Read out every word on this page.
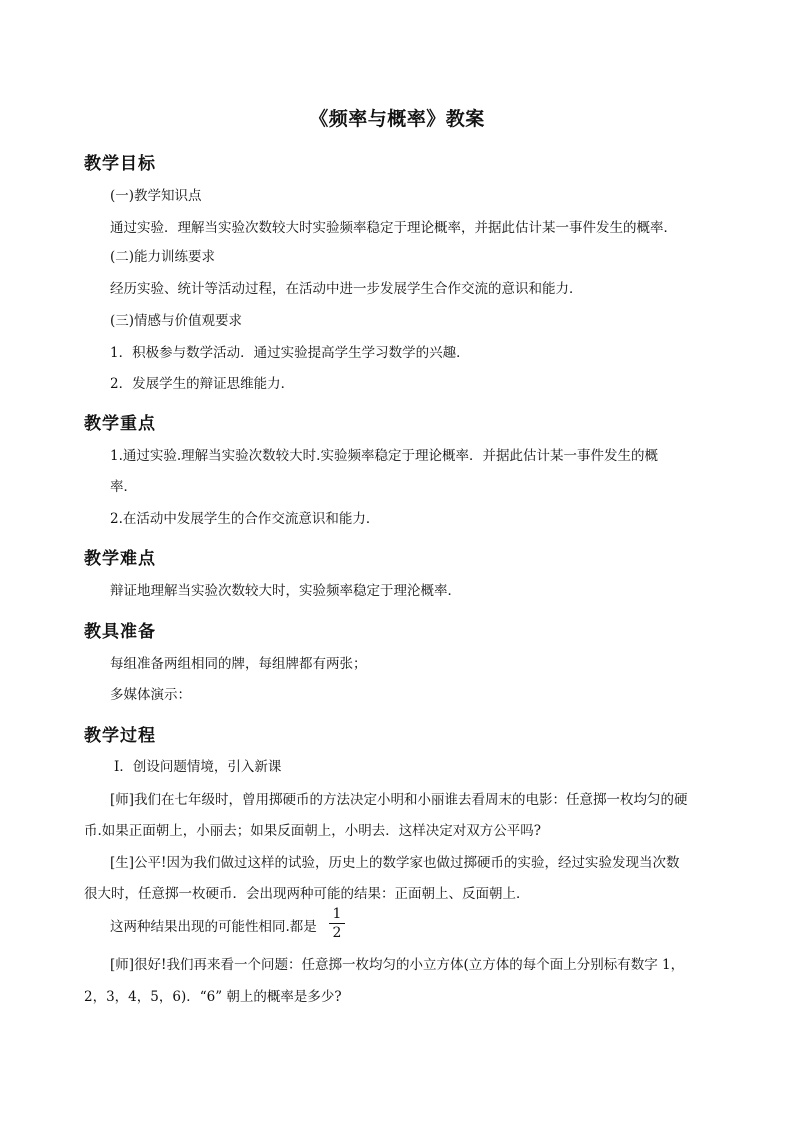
《频率与概率》教案
教学目标
(一)教学知识点
通过实验．理解当实验次数较大时实验频率稳定于理论概率，并据此估计某一事件发生的概率．
(二)能力训练要求
经历实验、统计等活动过程，在活动中进一步发展学生合作交流的意识和能力．
(三)情感与价值观要求
1．积极参与数学活动．通过实验提高学生学习数学的兴趣．
2．发展学生的辩证思维能力．
教学重点
1.通过实验.理解当实验次数较大时.实验频率稳定于理论概率．并据此估计某一事件发生的概
率．
2.在活动中发展学生的合作交流意识和能力．
教学难点
辩证地理解当实验次数较大时，实验频率稳定于理沦概率．
教具准备
每组准备两组相同的牌，每组牌都有两张；
多媒体演示：
教学过程
Ⅰ．创设问题情境，引入新课
[师]我们在七年级时，曾用掷硬币的方法决定小明和小丽谁去看周末的电影：任意掷一枚均匀的硬
币.如果正面朝上，小丽去；如果反面朝上，小明去．这样决定对双方公平吗?
[生]公平!因为我们做过这样的试验，历史上的数学家也做过掷硬币的实验，经过实验发现当次数
很大时，任意掷一枚硬币．会出现两种可能的结果：正面朝上、反面朝上．
这两种结果出现的可能性相同.都是
1
2
[师]很好!我们再来看一个问题：任意掷一枚均匀的小立方体(立方体的每个面上分别标有数字 1，
2，3，4，5，6)．“6” 朝上的概率是多少?
